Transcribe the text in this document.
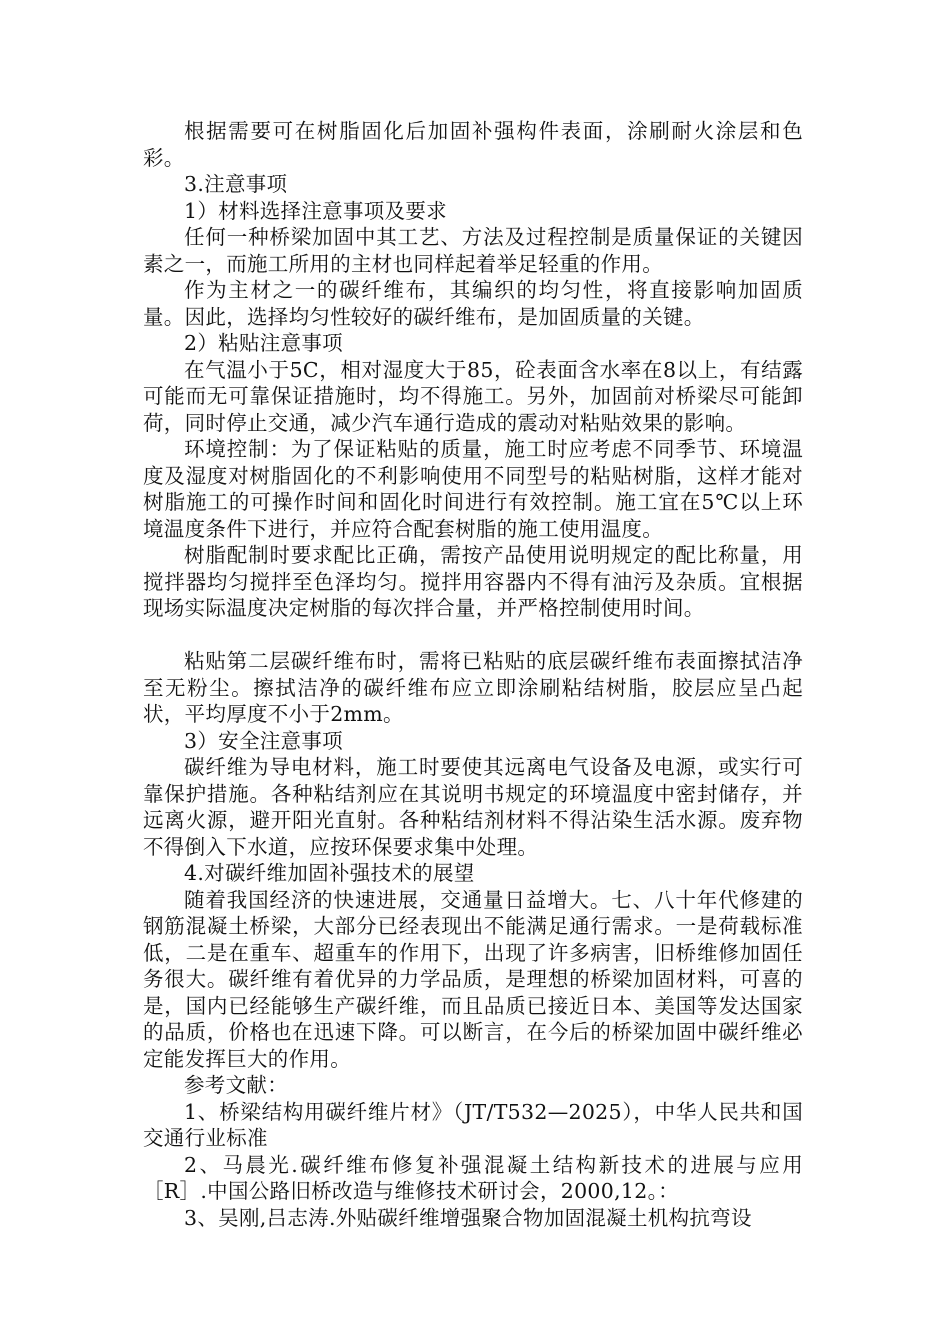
根据需要可在树脂固化后加固补强构件表面，涂刷耐火涂层和色彩。

3.注意事项

1）材料选择注意事项及要求

任何一种桥梁加固中其工艺、方法及过程控制是质量保证的关键因素之一，而施工所用的主材也同样起着举足轻重的作用。

作为主材之一的碳纤维布，其编织的均匀性，将直接影响加固质量。因此，选择均匀性较好的碳纤维布，是加固质量的关键。

2）粘贴注意事项

在气温小于5C，相对湿度大于85，砼表面含水率在8以上，有结露可能而无可靠保证措施时，均不得施工。另外，加固前对桥梁尽可能卸荷，同时停止交通，减少汽车通行造成的震动对粘贴效果的影响。

环境控制：为了保证粘贴的质量，施工时应考虑不同季节、环境温度及湿度对树脂固化的不利影响使用不同型号的粘贴树脂，这样才能对树脂施工的可操作时间和固化时间进行有效控制。施工宜在5℃以上环境温度条件下进行，并应符合配套树脂的施工使用温度。

树脂配制时要求配比正确，需按产品使用说明规定的配比称量，用搅拌器均匀搅拌至色泽均匀。搅拌用容器内不得有油污及杂质。宜根据现场实际温度决定树脂的每次拌合量，并严格控制使用时间。

粘贴第二层碳纤维布时，需将已粘贴的底层碳纤维布表面擦拭洁净至无粉尘。擦拭洁净的碳纤维布应立即涂刷粘结树脂，胶层应呈凸起状，平均厚度不小于2mm。

3）安全注意事项

碳纤维为导电材料，施工时要使其远离电气设备及电源，或实行可靠保护措施。各种粘结剂应在其说明书规定的环境温度中密封储存，并远离火源，避开阳光直射。各种粘结剂材料不得沾染生活水源。废弃物不得倒入下水道，应按环保要求集中处理。

4.对碳纤维加固补强技术的展望

随着我国经济的快速进展，交通量日益增大。七、八十年代修建的钢筋混凝土桥梁，大部分已经表现出不能满足通行需求。一是荷载标准低，二是在重车、超重车的作用下，出现了许多病害，旧桥维修加固任务很大。碳纤维有着优异的力学品质，是理想的桥梁加固材料，可喜的是，国内已经能够生产碳纤维，而且品质已接近日本、美国等发达国家的品质，价格也在迅速下降。可以断言，在今后的桥梁加固中碳纤维必定能发挥巨大的作用。

参考文献：

1、桥梁结构用碳纤维片材》（JT/T532—2025），中华人民共和国交通行业标准

2、马晨光.碳纤维布修复补强混凝土结构新技术的进展与应用［R］.中国公路旧桥改造与维修技术研讨会，2000,12。：

3、吴刚,吕志涛.外贴碳纤维增强聚合物加固混凝土机构抗弯设
